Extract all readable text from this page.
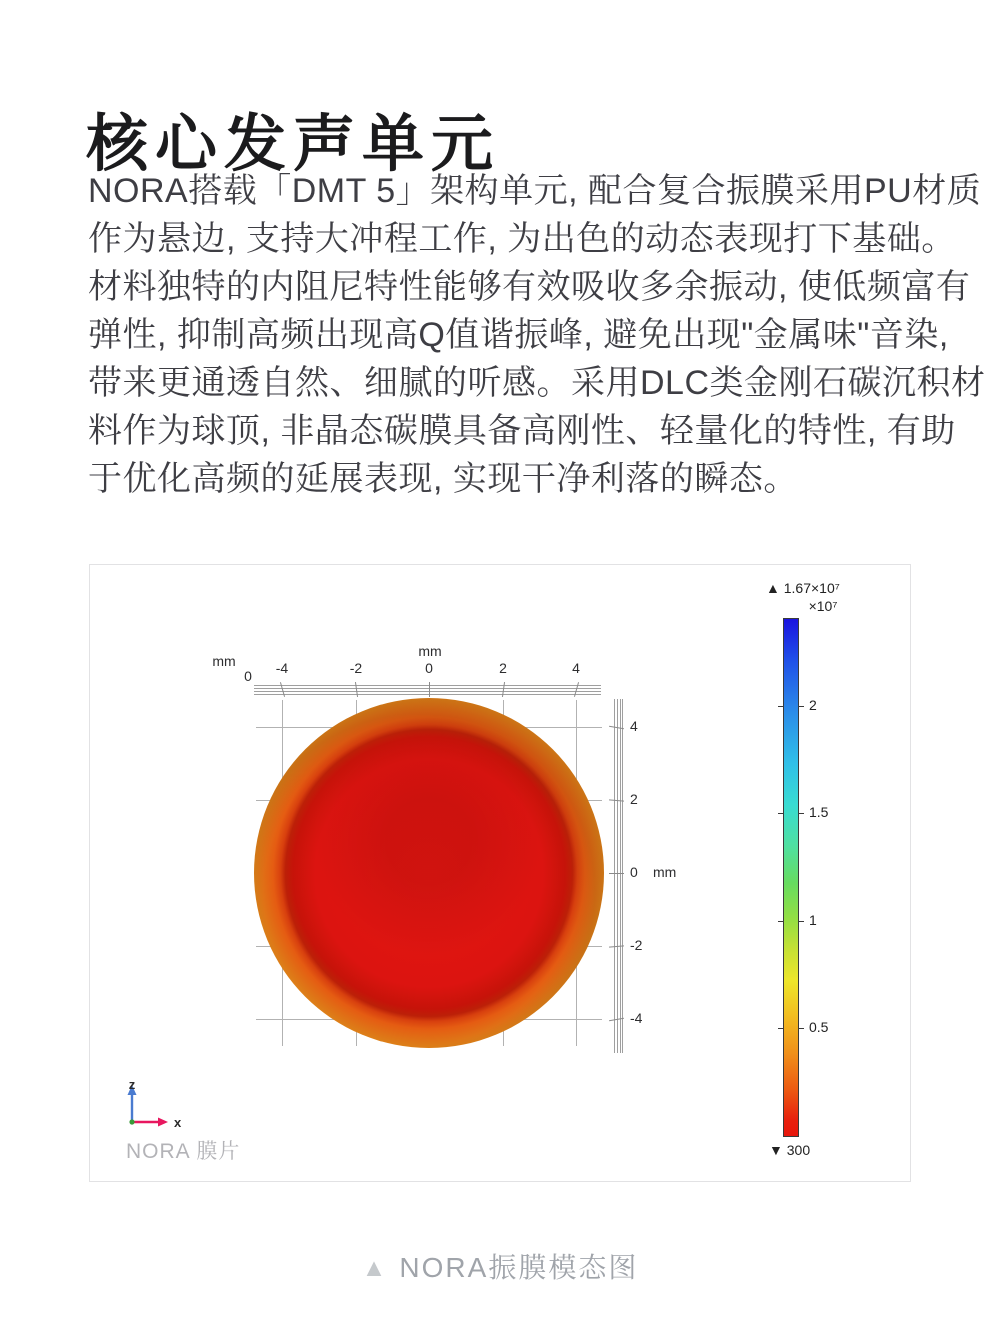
核心发声单元
NORA搭载「DMT 5」架构单元, 配合复合振膜采用PU材质
作为悬边, 支持大冲程工作, 为出色的动态表现打下基础。
材料独特的内阻尼特性能够有效吸收多余振动, 使低频富有
弹性, 抑制高频出现高Q值谐振峰, 避免出现"金属味"音染,
带来更通透自然、细腻的听感。采用DLC类金刚石碳沉积材
料作为球顶, 非晶态碳膜具备高刚性、轻量化的特性, 有助
于优化高频的延展表现, 实现干净利落的瞬态。
mm
-4	-2	0	2	4
mm
0
4
2
0
-2
-4
mm
z
x
NORA 膜片
▲ 1.67×10⁷
×10⁷
2
1.5
1
0.5
▼ 300
▲ NORA振膜模态图
